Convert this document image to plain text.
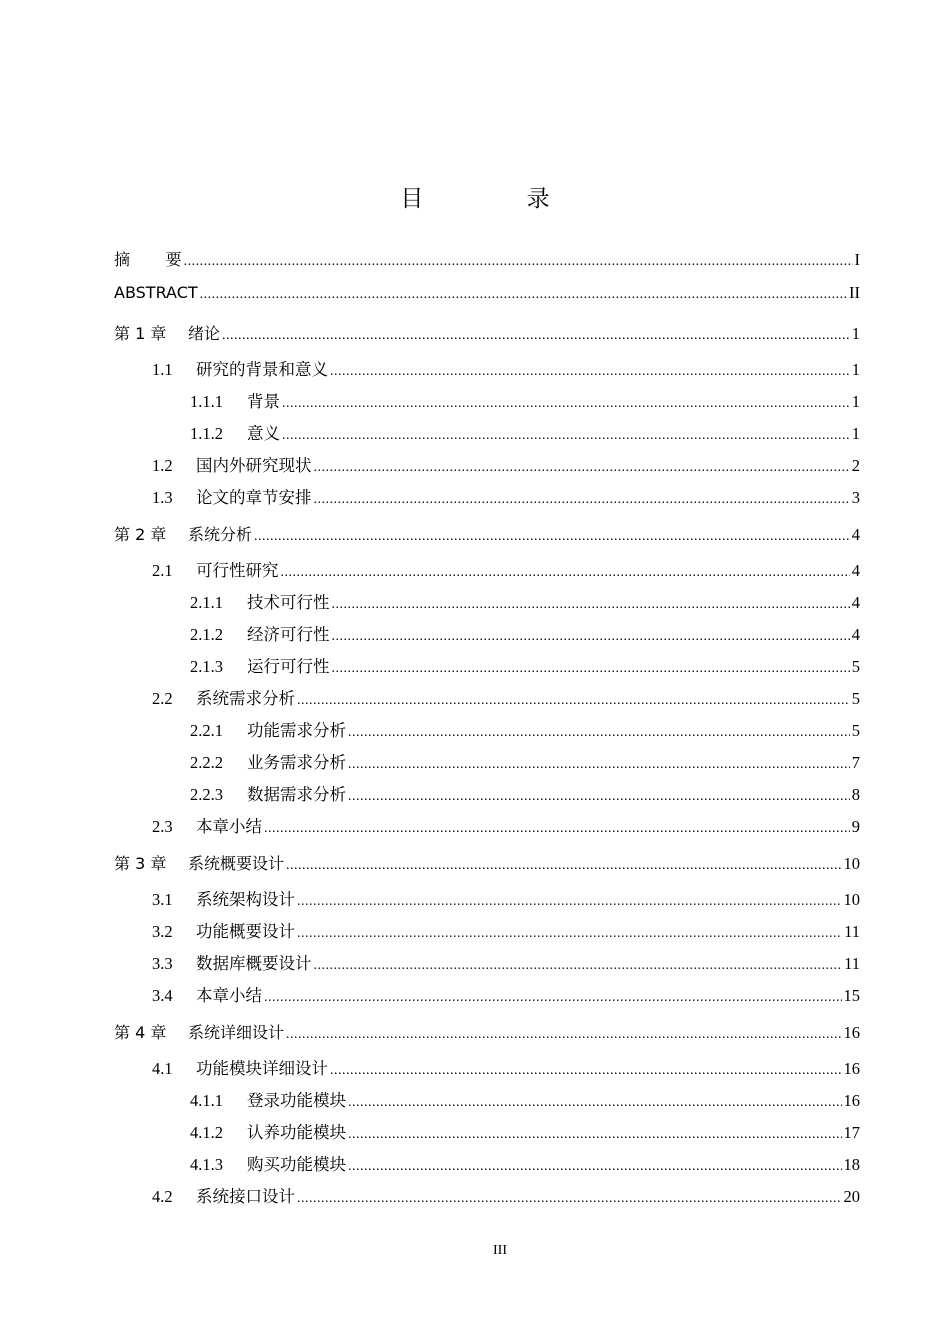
目 录
摘       要 .....	I
ABSTRACT .....	II
第 1 章	绪论 .....	1
1.1	研究的背景和意义 .....	1
1.1.1	背景 .....	1
1.1.2	意义 .....	1
1.2	国内外研究现状 .....	2
1.3	论文的章节安排 .....	3
第 2 章	系统分析 .....	4
2.1	可行性研究 .....	4
2.1.1	技术可行性 .....	4
2.1.2	经济可行性 .....	4
2.1.3	运行可行性 .....	5
2.2	系统需求分析 .....	5
2.2.1	功能需求分析 .....	5
2.2.2	业务需求分析 .....	7
2.2.3	数据需求分析 .....	8
2.3	本章小结 .....	9
第 3 章	系统概要设计 .....	10
3.1	系统架构设计 .....	10
3.2	功能概要设计 .....	11
3.3	数据库概要设计 .....	11
3.4	本章小结 .....	15
第 4 章	系统详细设计 .....	16
4.1	功能模块详细设计 .....	16
4.1.1	登录功能模块 .....	16
4.1.2	认养功能模块 .....	17
4.1.3	购买功能模块 .....	18
4.2	系统接口设计 .....	20
III
